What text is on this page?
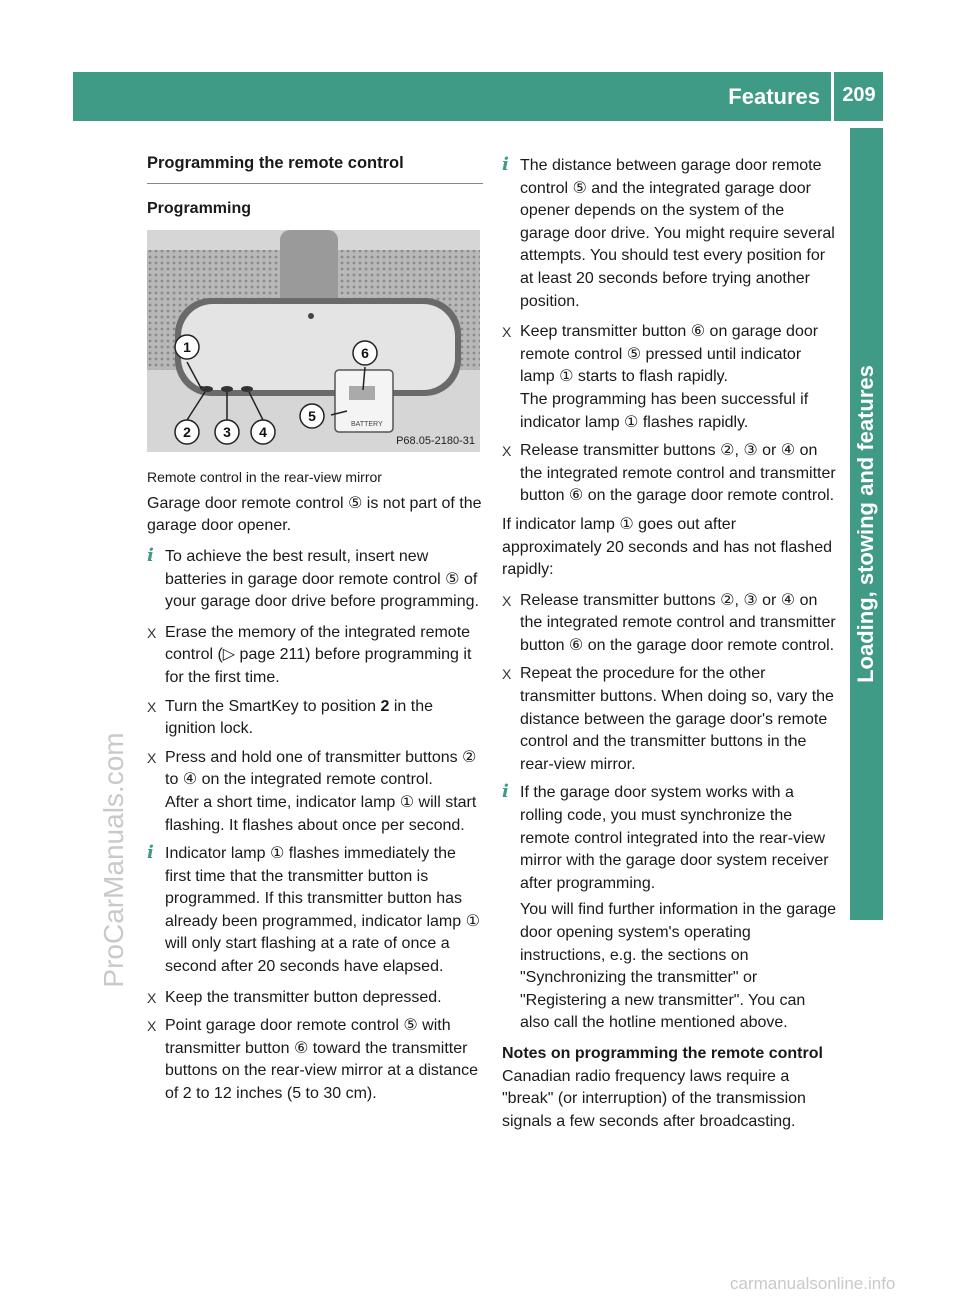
Features 209
Loading, stowing and features
ProCarManuals.com
carmanualsonline.info
Programming the remote control
Programming
BATTERY
1
2 3 4
5
6
P68.05-2180-31
Remote control in the rear-view mirror

Garage door remote control ⑤ is not part of the garage door opener.

i To achieve the best result, insert new batteries in garage door remote control ⑤ of your garage door drive before programming.

X Erase the memory of the integrated remote control (▷ page 211) before programming it for the first time.
X Turn the SmartKey to position 2 in the ignition lock.
X Press and hold one of transmitter buttons ② to ④ on the integrated remote control.
After a short time, indicator lamp ① will start flashing. It flashes about once per second.
i Indicator lamp ① flashes immediately the first time that the transmitter button is programmed. If this transmitter button has already been programmed, indicator lamp ① will only start flashing at a rate of once a second after 20 seconds have elapsed.

X Keep the transmitter button depressed.
X Point garage door remote control ⑤ with transmitter button ⑥ toward the transmitter buttons on the rear-view mirror at a distance of 2 to 12 inches (5 to 30 cm).
i The distance between garage door remote control ⑤ and the integrated garage door opener depends on the system of the garage door drive. You might require several attempts. You should test every position for at least 20 seconds before trying another position.

X Keep transmitter button ⑥ on garage door remote control ⑤ pressed until indicator lamp ① starts to flash rapidly.
The programming has been successful if indicator lamp ① flashes rapidly.
X Release transmitter buttons ②, ③ or ④ on the integrated remote control and transmitter button ⑥ on the garage door remote control.

If indicator lamp ① goes out after approximately 20 seconds and has not flashed rapidly:

X Release transmitter buttons ②, ③ or ④ on the integrated remote control and transmitter button ⑥ on the garage door remote control.
X Repeat the procedure for the other transmitter buttons. When doing so, vary the distance between the garage door's remote control and the transmitter buttons in the rear-view mirror.
i If the garage door system works with a rolling code, you must synchronize the remote control integrated into the rear-view mirror with the garage door system receiver after programming.

You will find further information in the garage door opening system's operating instructions, e.g. the sections on "Synchronizing the transmitter" or "Registering a new transmitter". You can also call the hotline mentioned above.

Notes on programming the remote control

Canadian radio frequency laws require a "break" (or interruption) of the transmission signals a few seconds after broadcasting.
